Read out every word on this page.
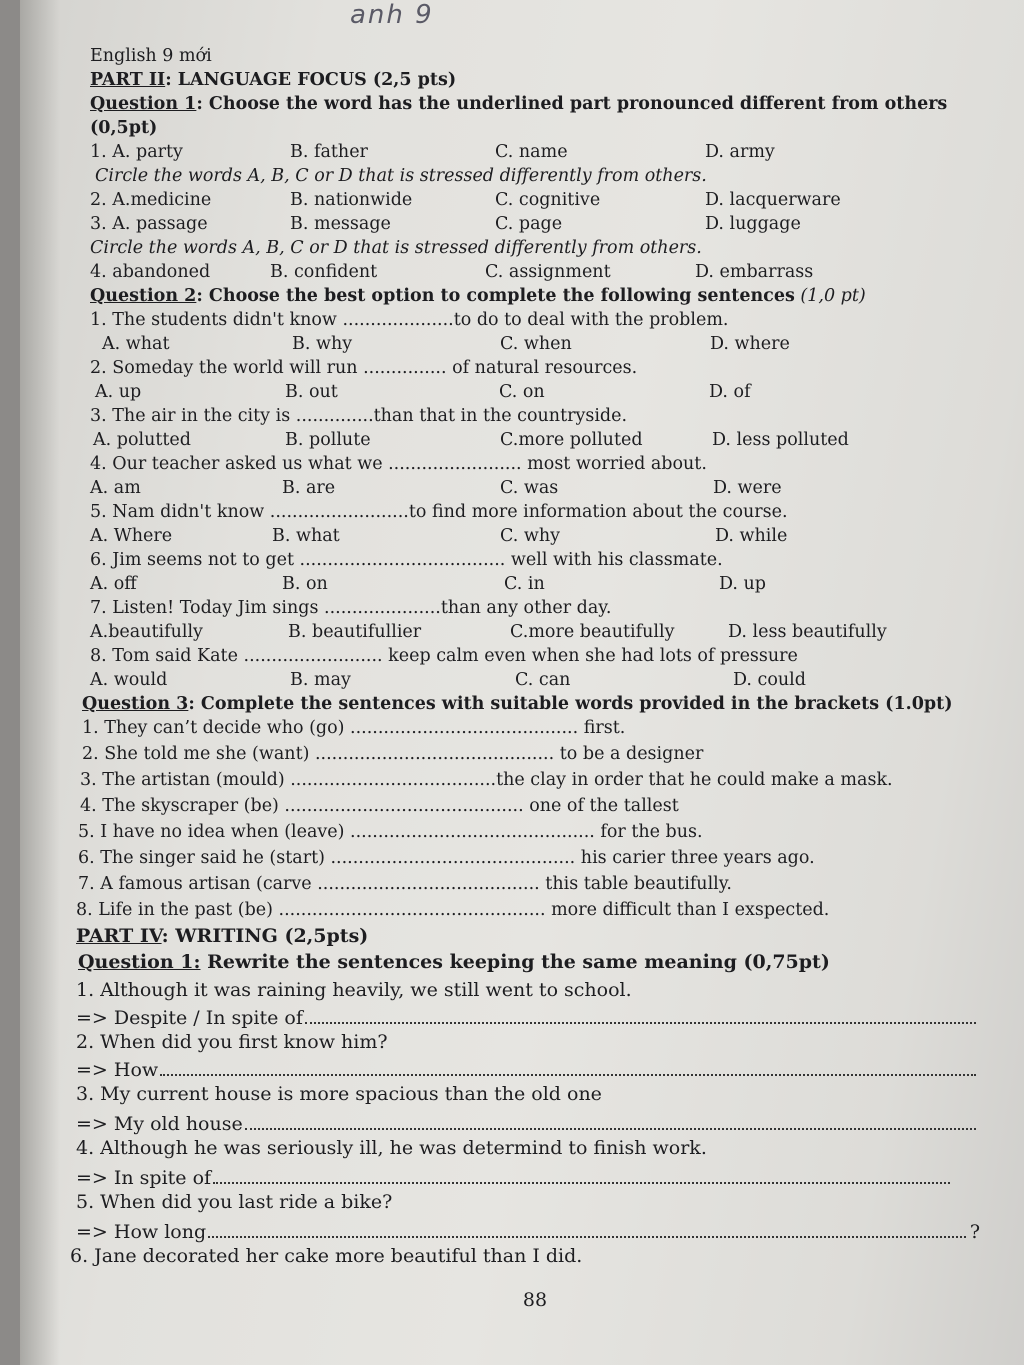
anh 9
English 9 mới
PART II: LANGUAGE FOCUS (2,5 pts)
Question 1: Choose the word has the underlined part pronounced different from others
(0,5pt)
1. A. party	B. father	C. name	D. army
Circle the words A, B, C or D that is stressed differently from others.
2. A.medicine	B. nationwide	C. cognitive	D. lacquerware
3. A. passage	B. message	C. page	D. luggage
Circle the words A, B, C or D that is stressed differently from others.
4. abandoned	B. confident	C. assignment	D. embarrass
Question 2: Choose the best option to complete the following sentences (1,0 pt)
1. The students didn't know ....................to do to deal with the problem.
A. what	B. why	C. when	D. where
2. Someday the world will run ............... of natural resources.
A. up	B. out	C. on	D. of
3. The air in the city is ..............than that in the countryside.
A. polutted	B. pollute	C.more polluted	D. less polluted
4. Our teacher asked us what we ........................ most worried about.
A. am	B. are	C. was	D. were
5. Nam didn't know .........................to find more information about the course.
A. Where	B. what	C. why	D. while
6. Jim seems not to get ..................................... well with his classmate.
A. off	B. on	C. in	D. up
7. Listen! Today Jim sings .....................than any other day.
A.beautifully	B. beautifullier	C.more beautifully	D. less beautifully
8. Tom said Kate ......................... keep calm even when she had lots of pressure
A. would	B. may	C. can	D. could
Question 3: Complete the sentences with suitable words provided in the brackets (1.0pt)
1. They can’t decide who (go) ......................................... first.
2. She told me she (want) ........................................... to be a designer
3. The artistan (mould) .....................................the clay in order that he could make a mask.
4. The skyscraper (be) ........................................... one of the tallest
5. I have no idea when (leave) ............................................ for the bus.
6. The singer said he (start) ............................................ his carier three years ago.
7. A famous artisan (carve ........................................ this table beautifully.
8. Life in the past (be) ................................................ more difficult than I exspected.
PART IV: WRITING (2,5pts)
Question 1: Rewrite the sentences keeping the same meaning (0,75pt)
1. Although it was raining heavily, we still went to school.
=> Despite / In spite of
2. When did you first know him?
=> How
3. My current house is more spacious than the old one
=> My old house
4. Although he was seriously ill, he was determind to finish work.
=> In spite of
5. When did you last ride a bike?
=> How long	?
6. Jane decorated her cake more beautiful than I did.
88
